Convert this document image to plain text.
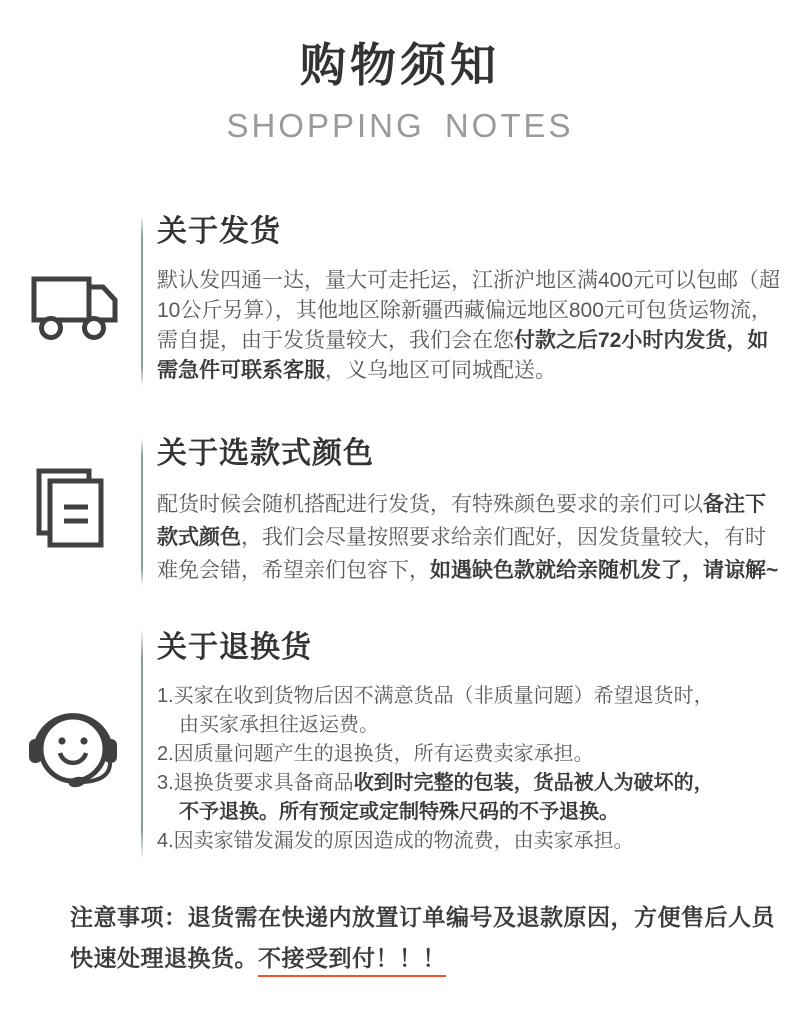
购物须知
SHOPPING NOTES
关于发货
默认发四通一达，量大可走托运，江浙沪地区满400元可以包邮（超
10公斤另算），其他地区除新疆西藏偏远地区800元可包货运物流，
需自提，由于发货量较大，我们会在您付款之后72小时内发货，如
需急件可联系客服，义乌地区可同城配送。
关于选款式颜色
配货时候会随机搭配进行发货，有特殊颜色要求的亲们可以备注下
款式颜色，我们会尽量按照要求给亲们配好，因发货量较大，有时
难免会错，希望亲们包容下，如遇缺色款就给亲随机发了，请谅解~
关于退换货
1.买家在收到货物后因不满意货品（非质量问题）希望退货时，
由买家承担往返运费。
2.因质量问题产生的退换货，所有运费卖家承担。
3.退换货要求具备商品收到时完整的包装，货品被人为破坏的，
不予退换。所有预定或定制特殊尺码的不予退换。
4.因卖家错发漏发的原因造成的物流费，由卖家承担。
注意事项：退货需在快递内放置订单编号及退款原因，方便售后人员
快速处理退换货。不接受到付！！！
